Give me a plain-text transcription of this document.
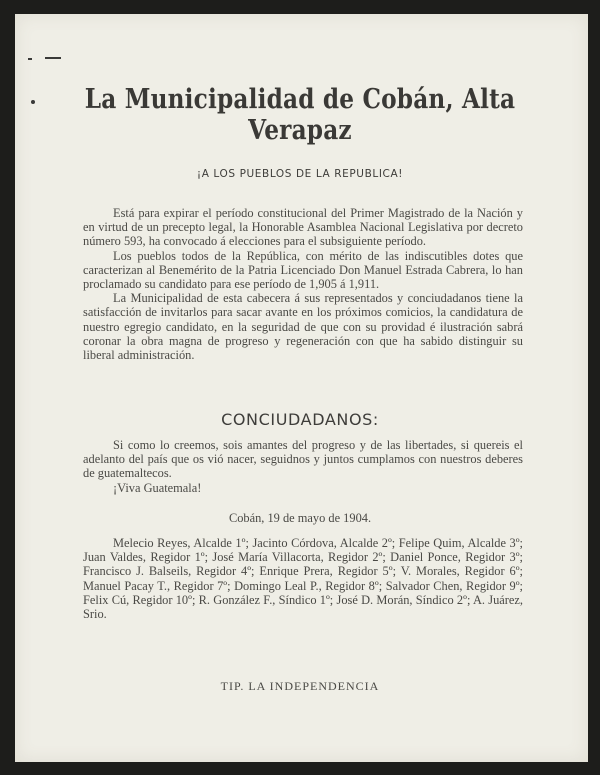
La Municipalidad de Cobán, Alta Verapaz
¡A LOS PUEBLOS DE LA REPUBLICA!

Está para expirar el período constitucional del Primer Magistrado de la Nación y en virtud de un precepto legal, la Honorable Asamblea Nacional Legislativa por decreto número 593, ha convocado á elecciones para el subsiguiente período.

Los pueblos todos de la República, con mérito de las indiscutibles dotes que caracterizan al Benemérito de la Patria Licenciado Don Manuel Estrada Cabrera, lo han proclamado su candidato para ese período de 1,905 á 1,911.

La Municipalidad de esta cabecera á sus representados y conciudadanos tiene la satisfacción de invitarlos para sacar avante en los próximos comicios, la candidatura de nuestro egregio candidato, en la seguridad de que con su providad é ilustración sabrá coronar la obra magna de progreso y regeneración con que ha sabido distinguir su liberal administración.

CONCIUDADANOS:

Si como lo creemos, sois amantes del progreso y de las libertades, si quereis el adelanto del país que os vió nacer, seguidnos y juntos cumplamos con nuestros deberes de guatemaltecos.

¡Viva Guatemala!

Cobán, 19 de mayo de 1904.

Melecio Reyes, Alcalde 1º; Jacinto Córdova, Alcalde 2º; Felipe Quim, Alcalde 3º; Juan Valdes, Regidor 1º; José María Villacorta, Regidor 2º; Daniel Ponce, Regidor 3º; Francisco J. Balseils, Regidor 4º; Enrique Prera, Regidor 5º; V. Morales, Regidor 6º; Manuel Pacay T., Regidor 7º; Domingo Leal P., Regidor 8º; Salvador Chen, Regidor 9º; Felix Cú, Regidor 10º; R. González F., Síndico 1º; José D. Morán, Síndico 2º; A. Juárez, Srio.

TIP. LA INDEPENDENCIA
